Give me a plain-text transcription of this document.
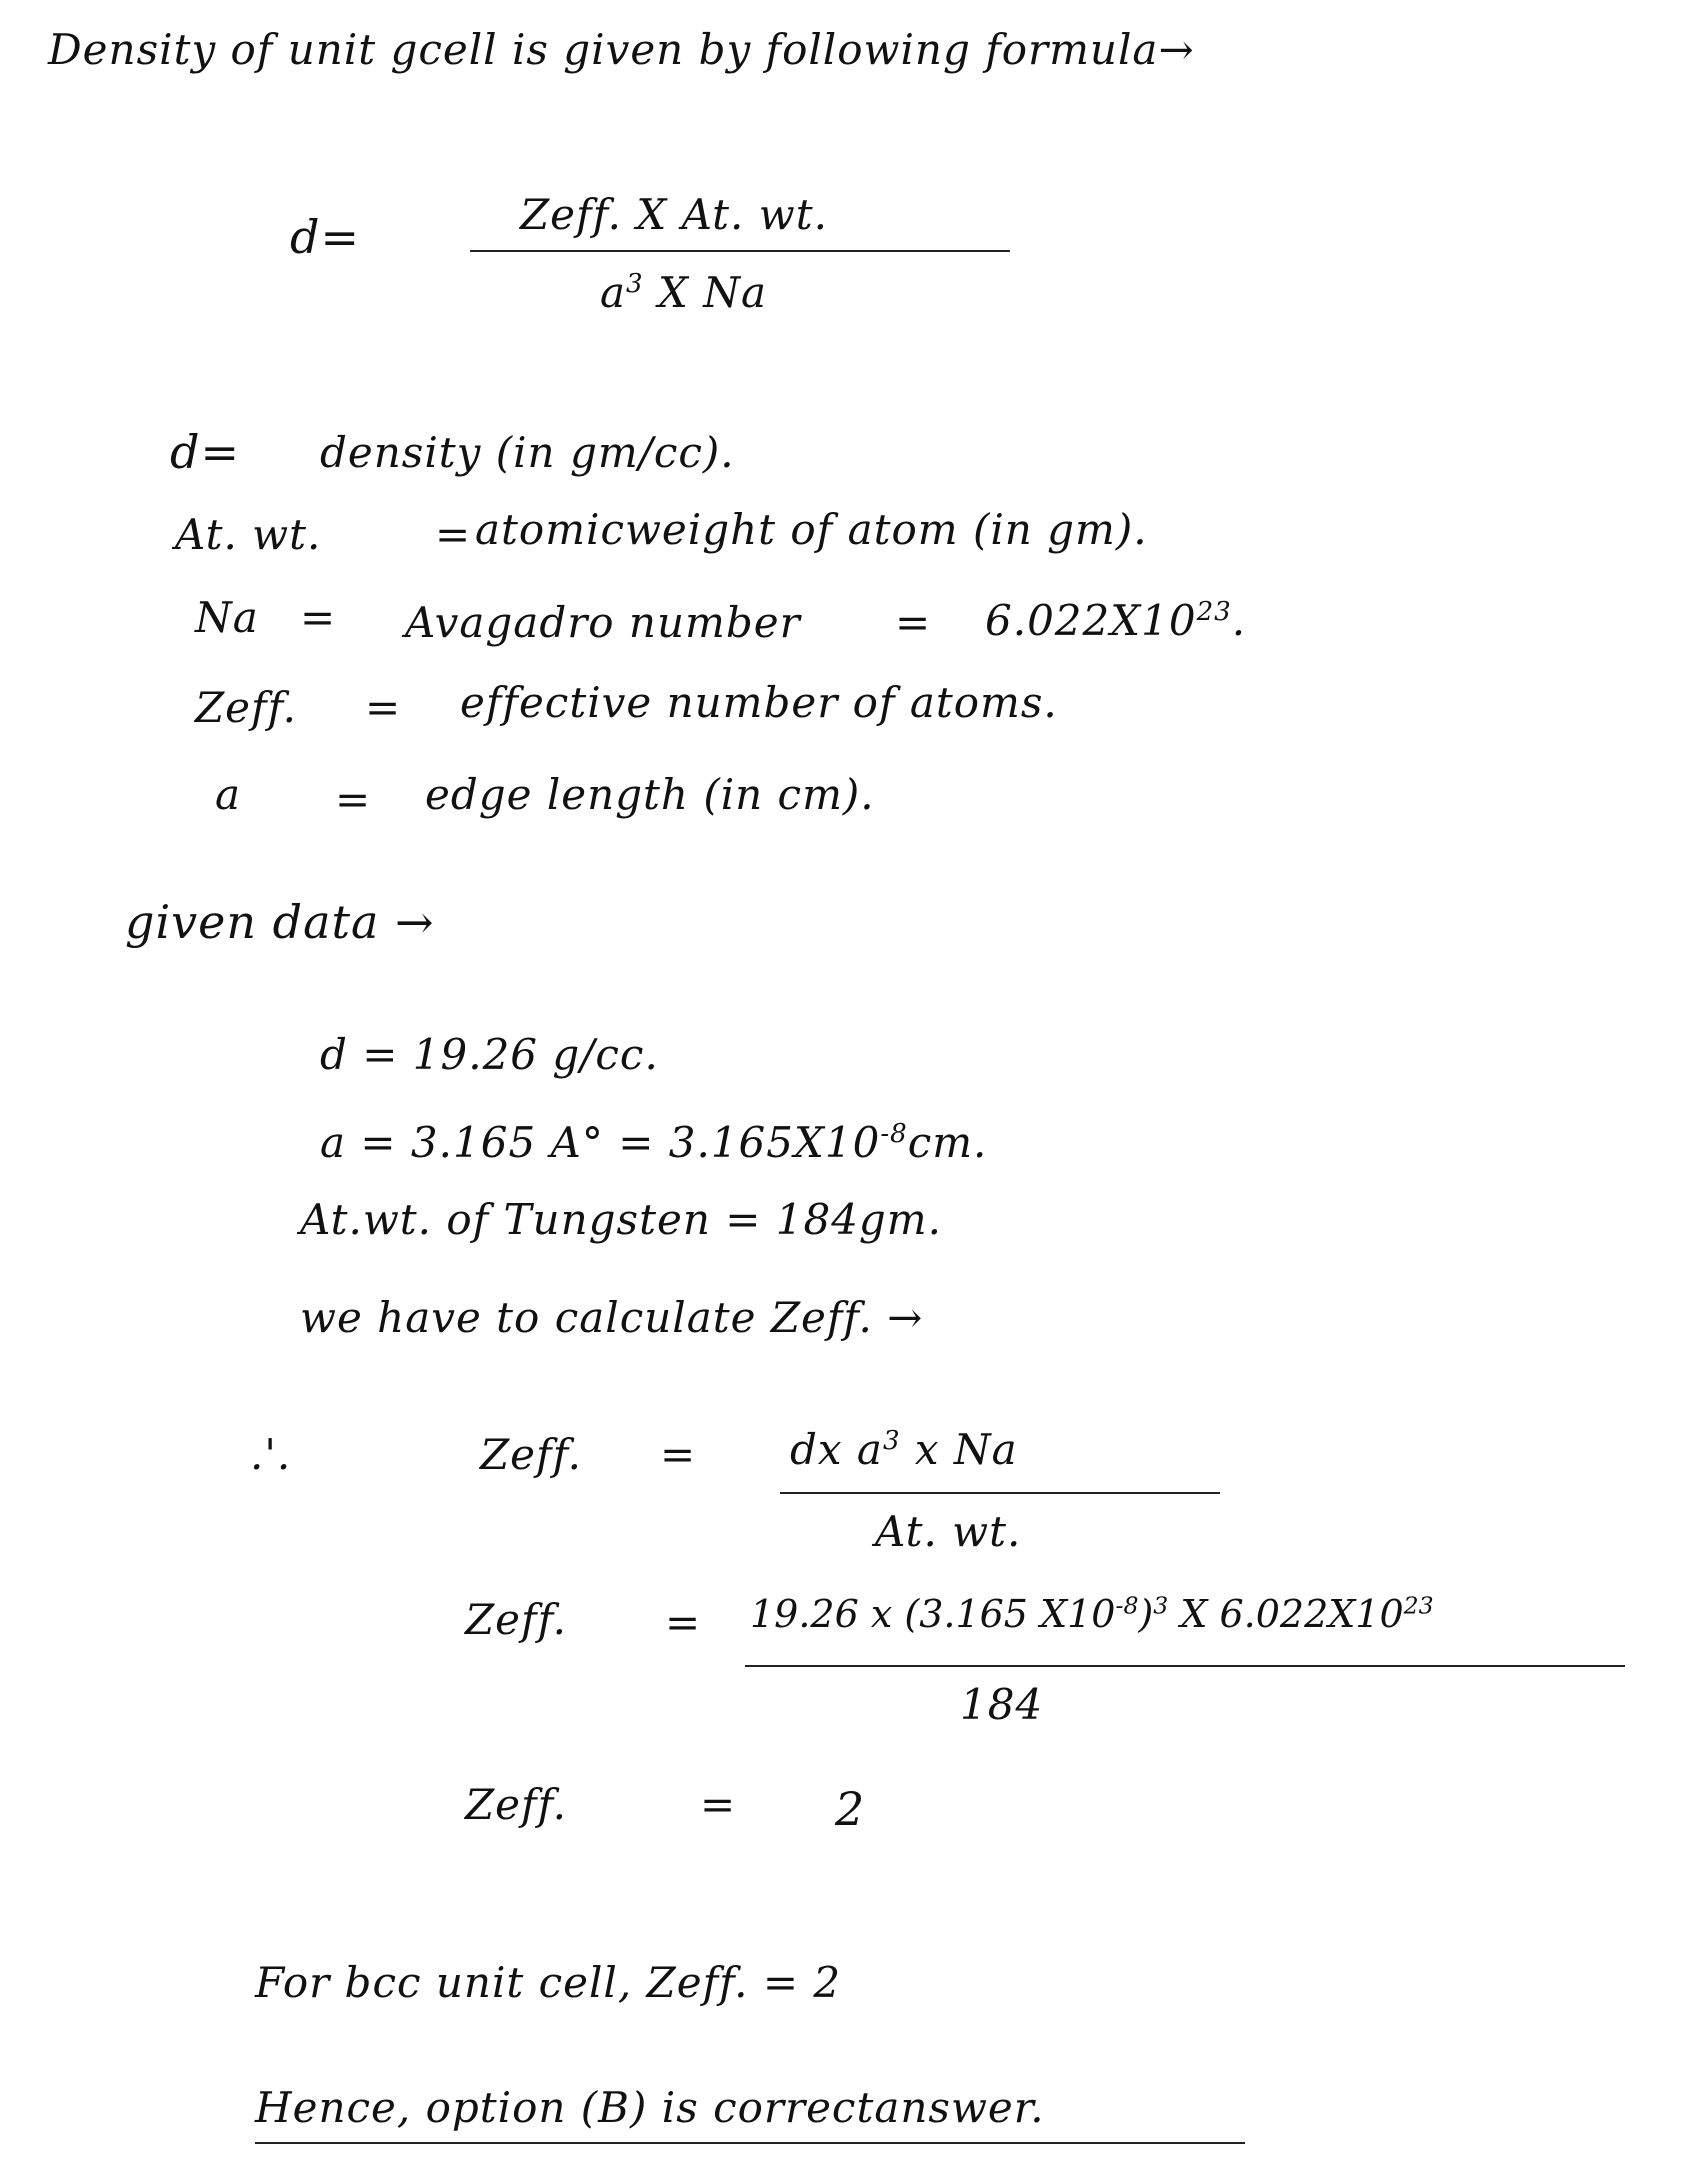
Density of unit gcell is given by following formula→
d=	Zeff. X At. wt.
$a^3$ X Na
d= density (in gm/cc).
At. wt.	= atomicweight of atom (in gm).
Na = Avagadro number = $6.022X10^{23}$.
Zeff. = effective number of atoms.
a = edge length (in cm).
given data →
d = 19.26 g/cc.
a = 3.165 $A^\circ = 3.165X10^{-8}cm$.
At.wt. of Tungsten = 184gm.
we have to calculate Zeff. →
.'.	Zeff. = dx $a^3$ x Na
At. wt.
Zeff. = 19.26 x (3.165 $X10^{-8})^3$ X $6.022X10^{23}$
184
Zeff.	= 2
For bcc unit cell, Zeff. = 2
Hence, option (B) is correctanswer.
